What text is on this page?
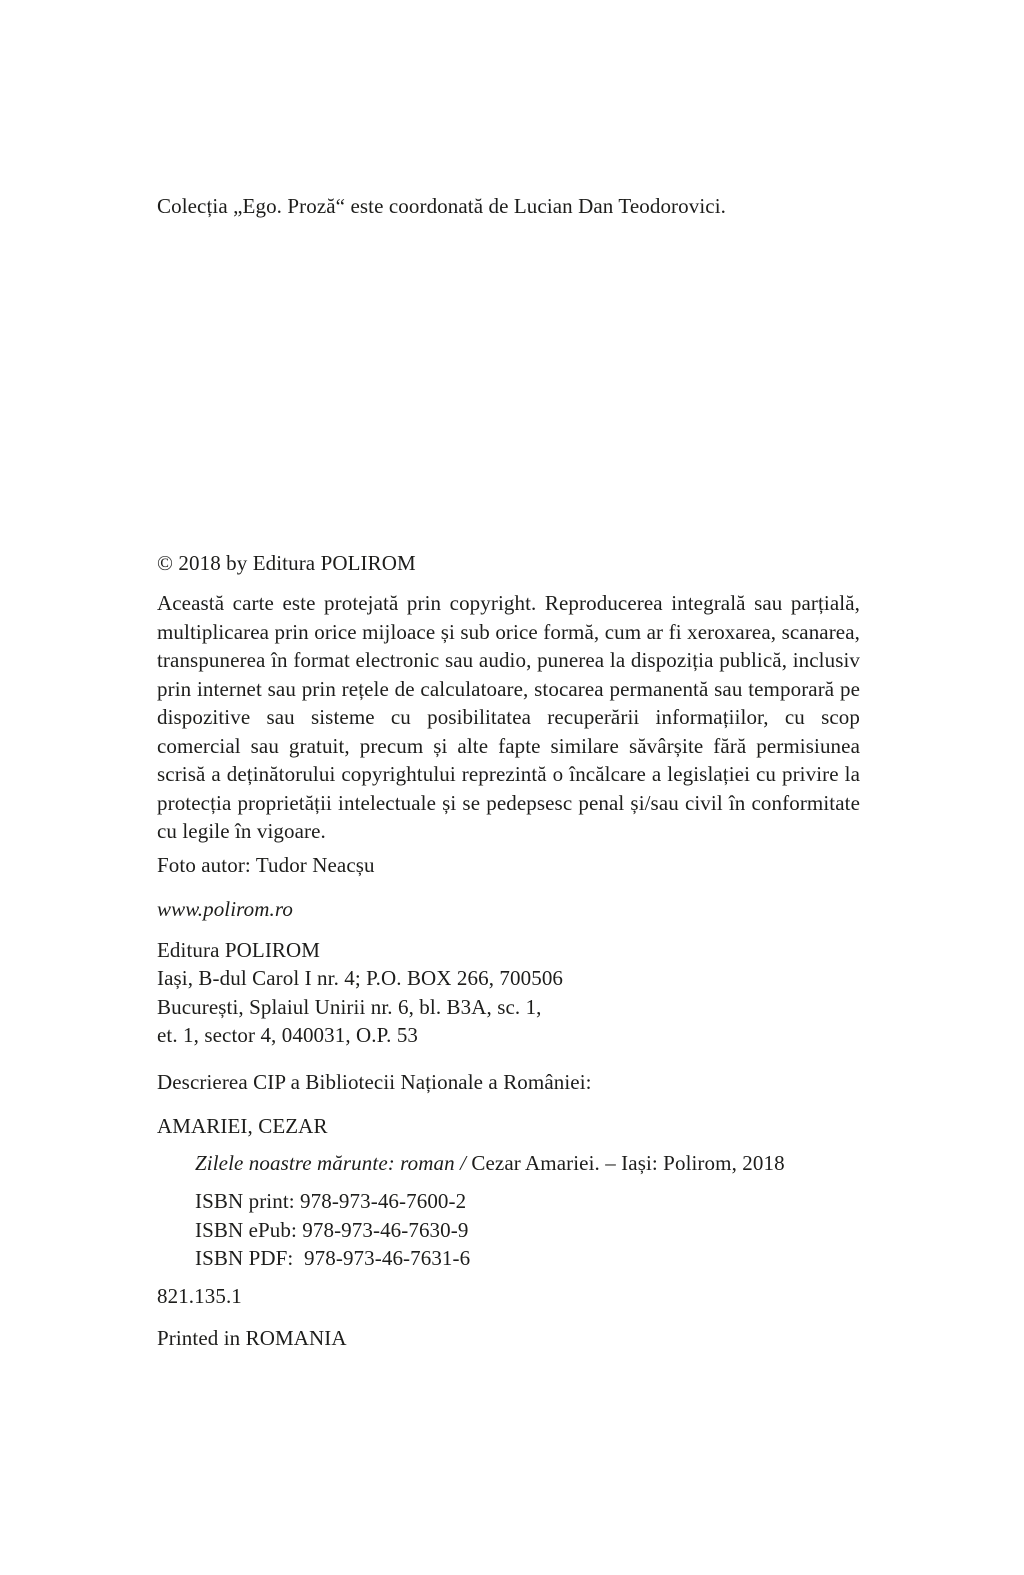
Colecția „Ego. Proză“ este coordonată de Lucian Dan Teodorovici.

© 2018 by Editura POLIROM

Această carte este protejată prin copyright. Reproducerea integrală sau parțială, multiplicarea prin orice mijloace și sub orice formă, cum ar fi xeroxarea, scanarea, transpunerea în format electronic sau audio, punerea la dispoziția publică, inclusiv prin internet sau prin rețele de calculatoare, stocarea permanentă sau temporară pe dispozitive sau sisteme cu posibilitatea recuperării informațiilor, cu scop comercial sau gratuit, precum și alte fapte similare săvârșite fără permisiunea scrisă a deținătorului copyrightului reprezintă o încălcare a legislației cu privire la protecția proprietății intelectuale și se pedepsesc penal și/sau civil în conformitate cu legile în vigoare.

Foto autor: Tudor Neacșu

www.polirom.ro

Editura POLIROM

Iași, B-dul Carol I nr. 4; P.O. BOX 266, 700506

București, Splaiul Unirii nr. 6, bl. B3A, sc. 1,

et. 1, sector 4, 040031, O.P. 53

Descrierea CIP a Bibliotecii Naționale a României:

AMARIEI, CEZAR

Zilele noastre mărunte: roman / Cezar Amariei. – Iași: Polirom, 2018

ISBN print: 978-973-46-7600-2

ISBN ePub: 978-973-46-7630-9

ISBN PDF:  978-973-46-7631-6

821.135.1

Printed in ROMANIA
